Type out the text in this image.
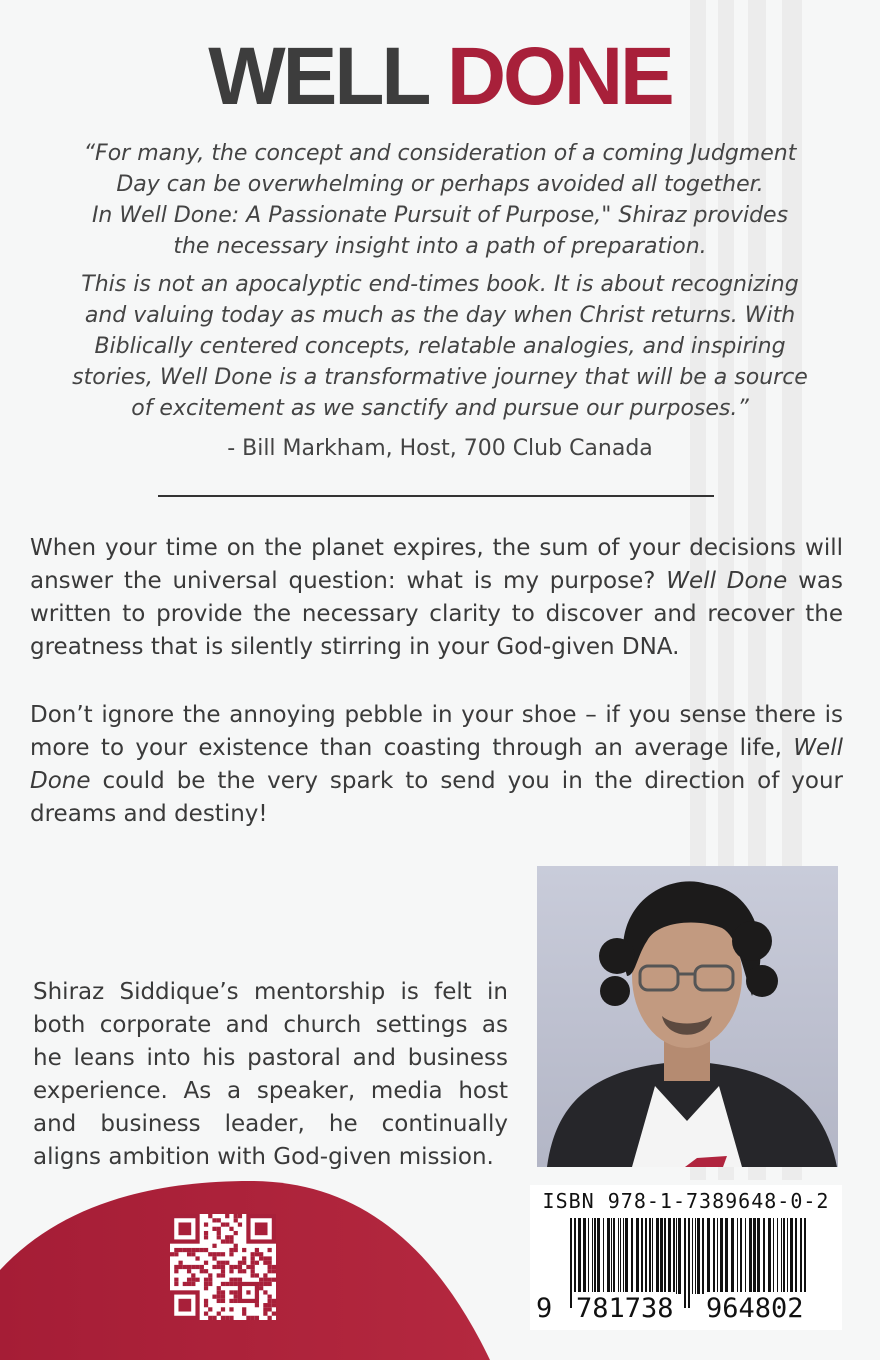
WELL DONE

“For many, the concept and consideration of a coming Judgment
Day can be overwhelming or perhaps avoided all together.
In Well Done: A Passionate Pursuit of Purpose," Shiraz provides
the necessary insight into a path of preparation.

This is not an apocalyptic end-times book. It is about recognizing
and valuing today as much as the day when Christ returns. With
Biblically centered concepts, relatable analogies, and inspiring
stories, Well Done is a transformative journey that will be a source
of excitement as we sanctify and pursue our purposes.”

- Bill Markham, Host, 700 Club Canada

When your time on the planet expires, the sum of your decisions will answer the universal question: what is my purpose? Well Done was written to provide the necessary clarity to discover and recover the greatness that is silently stirring in your God-given DNA.

Don’t ignore the annoying pebble in your shoe – if you sense there is more to your existence than coasting through an average life, Well Done could be the very spark to send you in the direction of your dreams and destiny!

Shiraz Siddique’s mentorship is felt in both corporate and church settings as he leans into his pastoral and business experience. As a speaker, media host and business leader, he continually aligns ambition with God-given mission.

ISBN 978-1-7389648-0-2
9 781738 964802
